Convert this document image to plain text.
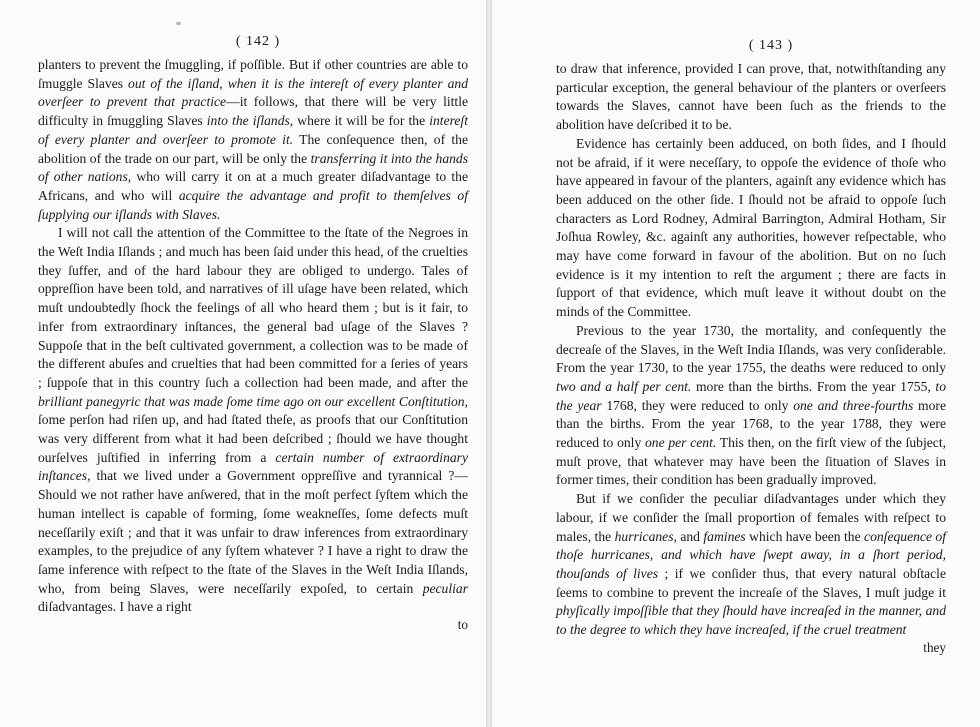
( 142 )

planters to prevent the ſmuggling, if poſſible. But if other countries are able to ſmuggle Slaves out of the iſland, when it is the intereſt of every planter and overſeer to prevent that practice—it follows, that there will be very little difficulty in ſmuggling Slaves into the iſlands, where it will be for the intereſt of every planter and overſeer to promote it. The conſequence then, of the abolition of the trade on our part, will be only the transferring it into the hands of other nations, who will carry it on at a much greater diſadvantage to the Africans, and who will acquire the advantage and profit to themſelves of ſupplying our iſlands with Slaves.

I will not call the attention of the Committee to the ſtate of the Negroes in the Weſt India Iſlands ; and much has been ſaid under this head, of the cruelties they ſuffer, and of the hard labour they are obliged to undergo. Tales of oppreſſion have been told, and narratives of ill uſage have been related, which muſt undoubtedly ſhock the feelings of all who heard them ; but is it fair, to infer from extraordinary inſtances, the general bad uſage of the Slaves ? Suppoſe that in the beſt cultivated government, a collection was to be made of the different abuſes and cruelties that had been committed for a ſeries of years ; ſuppoſe that in this country ſuch a collection had been made, and after the brilliant panegyric that was made ſome time ago on our excellent Conſtitution, ſome perſon had riſen up, and had ſtated theſe, as proofs that our Conſtitution was very different from what it had been deſcribed ; ſhould we have thought ourſelves juſtified in inferring from a certain number of extraordinary inſtances, that we lived under a Government oppreſſive and tyrannical ?—Should we not rather have anſwered, that in the moſt perfect ſyſtem which the human intellect is capable of forming, ſome weakneſſes, ſome defects muſt neceſſarily exiſt ; and that it was unfair to draw inferences from extraordinary examples, to the prejudice of any ſyſtem whatever ? I have a right to draw the ſame inference with reſpect to the ſtate of the Slaves in the Weſt India Iſlands, who, from being Slaves, were neceſſarily expoſed, to certain peculiar diſadvantages. I have a right

to
( 143 )

to draw that inference, provided I can prove, that, notwithſtanding any particular exception, the general behaviour of the planters or overſeers towards the Slaves, cannot have been ſuch as the friends to the abolition have deſcribed it to be.

Evidence has certainly been adduced, on both ſides, and I ſhould not be afraid, if it were neceſſary, to oppoſe the evidence of thoſe who have appeared in favour of the planters, againſt any evidence which has been adduced on the other ſide. I ſhould not be afraid to oppoſe ſuch characters as Lord Rodney, Admiral Barrington, Admiral Hotham, Sir Joſhua Rowley, &c. againſt any authorities, however reſpectable, who may have come forward in favour of the abolition. But on no ſuch evidence is it my intention to reſt the argument ; there are facts in ſupport of that evidence, which muſt leave it without doubt on the minds of the Committee.

Previous to the year 1730, the mortality, and conſequently the decreaſe of the Slaves, in the Weſt India Iſlands, was very conſiderable. From the year 1730, to the year 1755, the deaths were reduced to only two and a half per cent. more than the births. From the year 1755, to the year 1768, they were reduced to only one and three-fourths more than the births. From the year 1768, to the year 1788, they were reduced to only one per cent. This then, on the firſt view of the ſubject, muſt prove, that whatever may have been the ſituation of Slaves in former times, their condition has been gradually improved.

But if we conſider the peculiar diſadvantages under which they labour, if we conſider the ſmall proportion of females with reſpect to males, the hurricanes, and famines which have been the conſequence of thoſe hurricanes, and which have ſwept away, in a ſhort period, thouſands of lives ; if we conſider thus, that every natural obſtacle ſeems to combine to prevent the increaſe of the Slaves, I muſt judge it phyſically impoſſible that they ſhould have increaſed in the manner, and to the degree to which they have increaſed, if the cruel treatment

they
